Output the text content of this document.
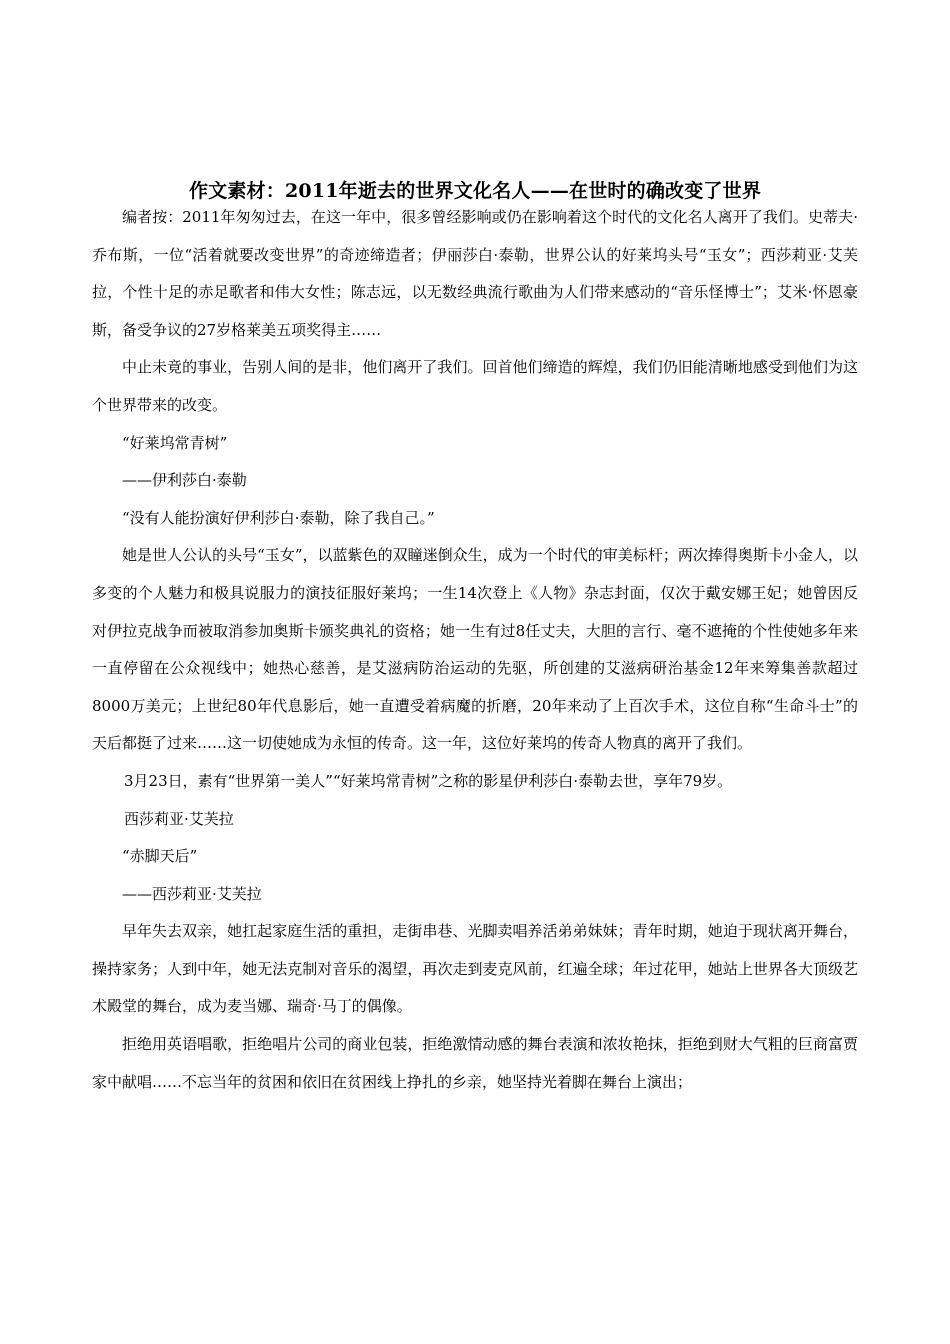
作文素材：2011年逝去的世界文化名人——在世时的确改变了世界

编者按：2011年匆匆过去，在这一年中，很多曾经影响或仍在影响着这个时代的文化名人离开了我们。史蒂夫·乔布斯，一位“活着就要改变世界”的奇迹缔造者；伊丽莎白·泰勒，世界公认的好莱坞头号“玉女”；西莎莉亚·艾芙拉，个性十足的赤足歌者和伟大女性；陈志远，以无数经典流行歌曲为人们带来感动的“音乐怪博士”；艾米·怀恩豪斯，备受争议的27岁格莱美五项奖得主……

中止未竟的事业，告别人间的是非，他们离开了我们。回首他们缔造的辉煌，我们仍旧能清晰地感受到他们为这个世界带来的改变。

“好莱坞常青树”

——伊利莎白·泰勒

“没有人能扮演好伊利莎白·泰勒，除了我自己。”

她是世人公认的头号“玉女”，以蓝紫色的双瞳迷倒众生，成为一个时代的审美标杆；两次捧得奥斯卡小金人，以多变的个人魅力和极具说服力的演技征服好莱坞；一生14次登上《人物》杂志封面，仅次于戴安娜王妃；她曾因反对伊拉克战争而被取消参加奥斯卡颁奖典礼的资格；她一生有过8任丈夫，大胆的言行、毫不遮掩的个性使她多年来一直停留在公众视线中；她热心慈善，是艾滋病防治运动的先驱，所创建的艾滋病研治基金12年来筹集善款超过8000万美元；上世纪80年代息影后，她一直遭受着病魔的折磨，20年来动了上百次手术，这位自称“生命斗士”的天后都挺了过来……这一切使她成为永恒的传奇。这一年，这位好莱坞的传奇人物真的离开了我们。

3月23日，素有“世界第一美人”“好莱坞常青树”之称的影星伊利莎白·泰勒去世，享年79岁。

西莎莉亚·艾芙拉

“赤脚天后”

——西莎莉亚·艾芙拉

早年失去双亲，她扛起家庭生活的重担，走街串巷、光脚卖唱养活弟弟妹妹；青年时期，她迫于现状离开舞台，操持家务；人到中年，她无法克制对音乐的渴望，再次走到麦克风前，红遍全球；年过花甲，她站上世界各大顶级艺术殿堂的舞台，成为麦当娜、瑞奇·马丁的偶像。

拒绝用英语唱歌，拒绝唱片公司的商业包装，拒绝激情动感的舞台表演和浓妆艳抹，拒绝到财大气粗的巨商富贾家中献唱……不忘当年的贫困和依旧在贫困线上挣扎的乡亲，她坚持光着脚在舞台上演出；
